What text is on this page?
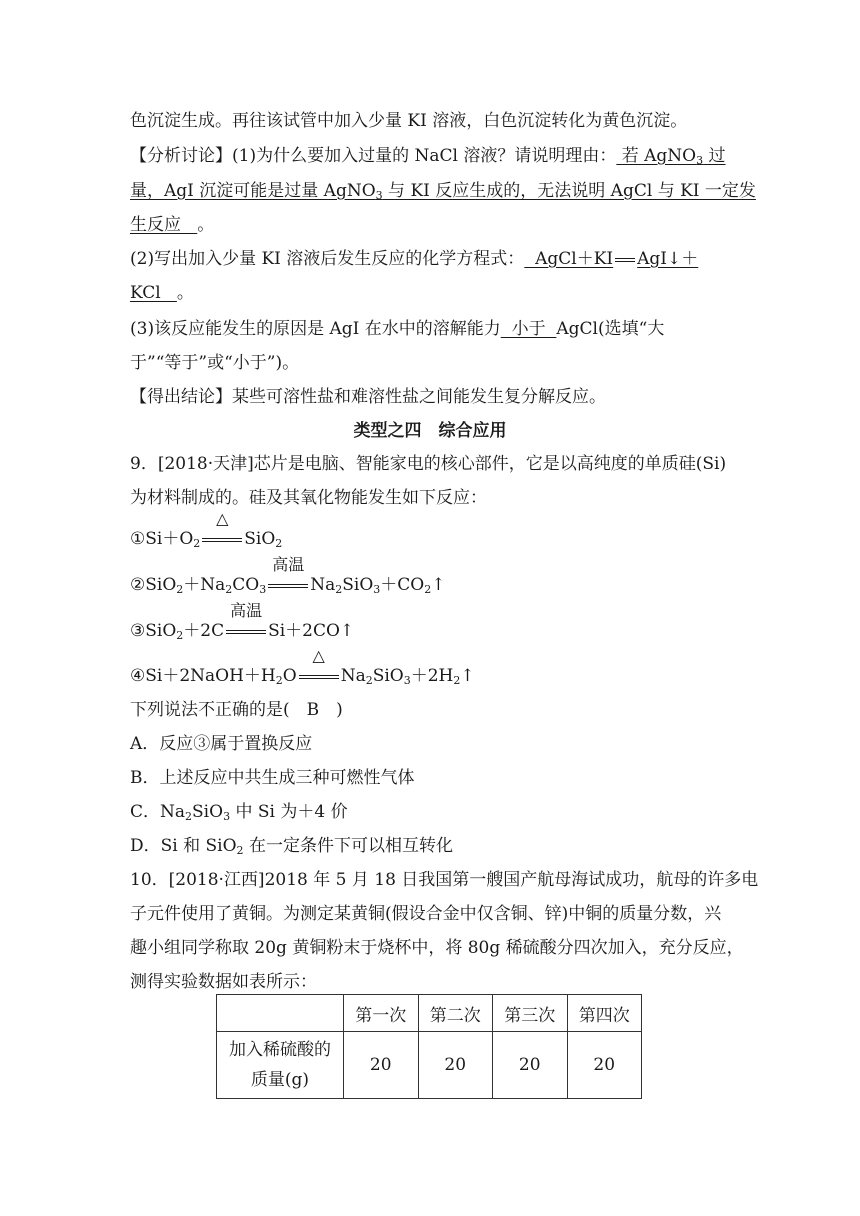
色沉淀生成。再往该试管中加入少量 KI 溶液，白色沉淀转化为黄色沉淀。
【分析讨论】(1)为什么要加入过量的 NaCl 溶液？请说明理由： 若 AgNO$_3$ 过
量，AgI 沉淀可能是过量 AgNO$_3$ 与 KI 反应生成的，无法说明 AgCl 与 KI 一定发
生反应   。
(2)写出加入少量 KI 溶液后发生反应的化学方程式：  AgCl＋KI AgI↓＋
KCl   。
(3)该反应能发生的原因是 AgI 在水中的溶解能力  小于  AgCl(选填“大
于”“等于”或“小于”)。
【得出结论】某些可溶性盐和难溶性盐之间能发生复分解反应。
类型之四　综合应用
9．[2018·天津]芯片是电脑、智能家电的核心部件，它是以高纯度的单质硅(Si)
为材料制成的。硅及其氧化物能发生如下反应：
$①Si+O_2$
△
SiO$_2$
$②SiO_2+Na_2CO_3$
高温
$Na_2SiO_3+CO_2↑$
③SiO$_2$＋2C
高温
Si＋2CO↑
$④Si+2NaOH+H_2O$
△
$Na_2SiO_3+2H_2↑$
下列说法不正确的是(　B　)
A．反应③属于置换反应
B．上述反应中共生成三种可燃性气体
C．$Na_2SiO_3$ 中 Si 为＋4 价
D．Si 和 SiO$_2$ 在一定条件下可以相互转化
10．[2018·江西]2018 年 5 月 18 日我国第一艘国产航母海试成功，航母的许多电
子元件使用了黄铜。为测定某黄铜(假设合金中仅含铜、锌)中铜的质量分数，兴
趣小组同学称取 20g 黄铜粉末于烧杯中，将 80g 稀硫酸分四次加入，充分反应，
测得实验数据如表所示：
	第一次	第二次	第三次	第四次
加入稀硫酸的
质量(g)	20	20	20	20
